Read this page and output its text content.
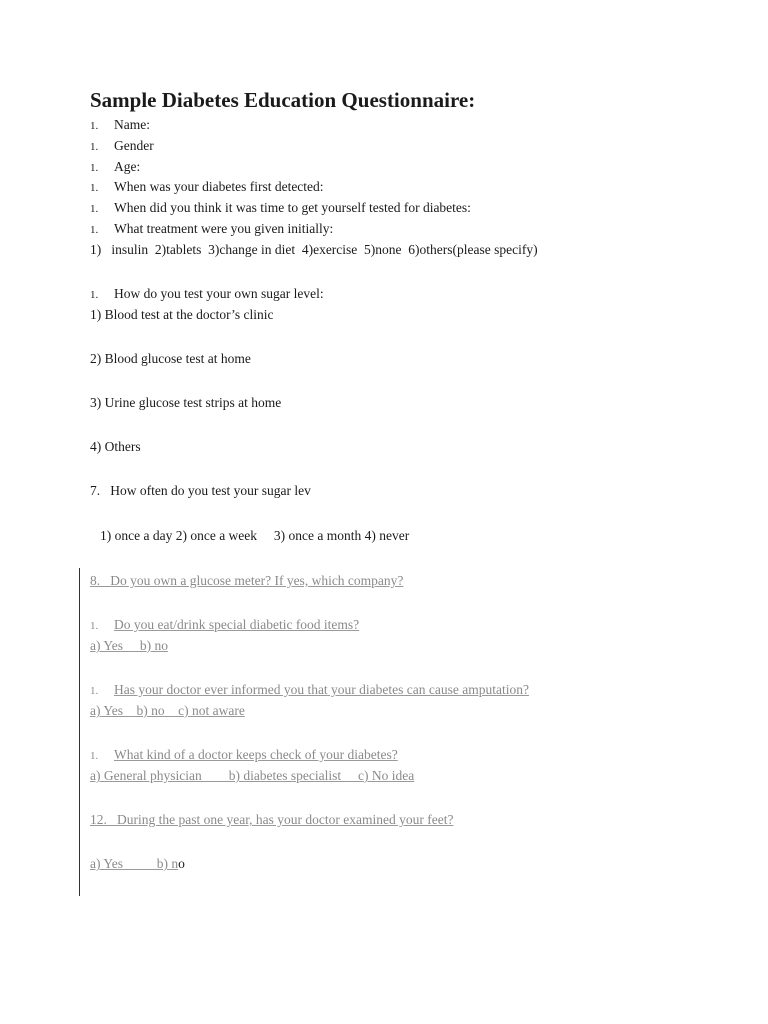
Sample Diabetes Education Questionnaire:
1. Name:
1. Gender
1. Age:
1. When was your diabetes first detected:
1. When did you think it was time to get yourself tested for diabetes:
1. What treatment were you given initially:
1)   insulin  2)tablets  3)change in diet  4)exercise  5)none  6)others(please specify)
1. How do you test your own sugar level:
1) Blood test at the doctor’s clinic
2) Blood glucose test at home
3) Urine glucose test strips at home
4) Others
7.   How often do you test your sugar lev
1) once a day 2) once a week     3) once a month 4) never
8.   Do you own a glucose meter? If yes, which company?
1. Do you eat/drink special diabetic food items?
a) Yes     b) no
1. Has your doctor ever informed you that your diabetes can cause amputation?
a) Yes    b) no    c) not aware
1. What kind of a doctor keeps check of your diabetes?
a) General physician        b) diabetes specialist     c) No idea
12.   During the past one year, has your doctor examined your feet?
a) Yes          b) no
